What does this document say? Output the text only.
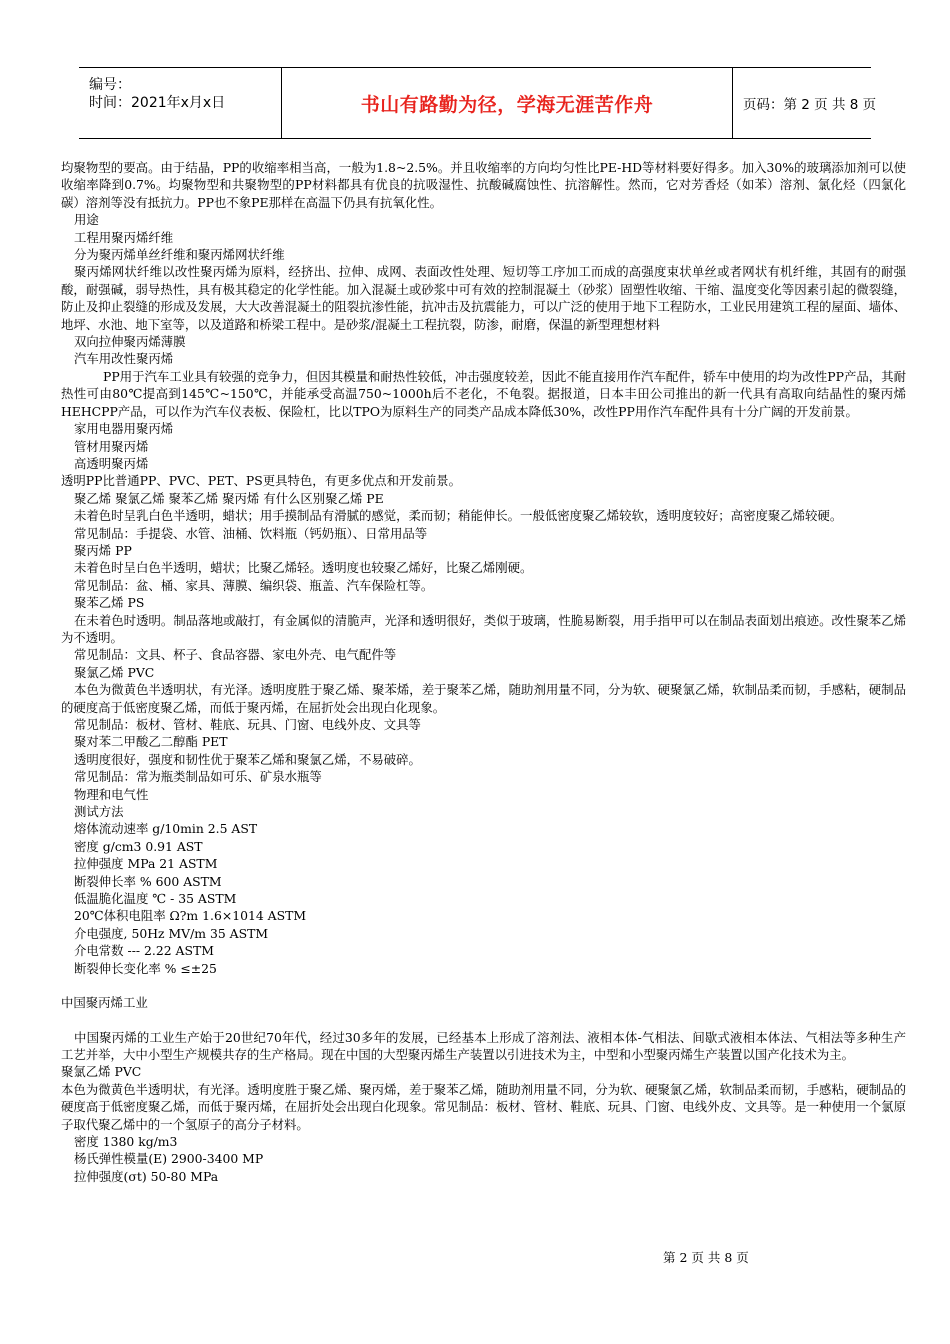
编号：
时间：2021年x月x日	书山有路勤为径，学海无涯苦作舟	页码：第 2 页 共 8 页

均聚物型的要高。由于结晶，PP的收缩率相当高，一般为1.8~2.5%。并且收缩率的方向均匀性比PE-HD等材料要好得多。加入30%的玻璃添加剂可以使收缩率降到0.7%。均聚物型和共聚物型的PP材料都具有优良的抗吸湿性、抗酸碱腐蚀性、抗溶解性。然而，它对芳香烃（如苯）溶剂、氯化烃（四氯化碳）溶剂等没有抵抗力。PP也不象PE那样在高温下仍具有抗氧化性。

用途

工程用聚丙烯纤维

分为聚丙烯单丝纤维和聚丙烯网状纤维

聚丙烯网状纤维以改性聚丙烯为原料，经挤出、拉伸、成网、表面改性处理、短切等工序加工而成的高强度束状单丝或者网状有机纤维，其固有的耐强酸，耐强碱，弱导热性，具有极其稳定的化学性能。加入混凝土或砂浆中可有效的控制混凝土（砂浆）固塑性收缩、干缩、温度变化等因素引起的微裂缝，防止及抑止裂缝的形成及发展，大大改善混凝土的阻裂抗渗性能，抗冲击及抗震能力，可以广泛的使用于地下工程防水，工业民用建筑工程的屋面、墙体、地坪、水池、地下室等，以及道路和桥梁工程中。是砂浆/混凝土工程抗裂，防渗，耐磨，保温的新型理想材料

双向拉伸聚丙烯薄膜

汽车用改性聚丙烯

PP用于汽车工业具有较强的竞争力，但因其模量和耐热性较低，冲击强度较差，因此不能直接用作汽车配件，轿车中使用的均为改性PP产品，其耐热性可由80℃提高到145℃~150℃，并能承受高温750~1000h后不老化，不龟裂。据报道，日本丰田公司推出的新一代具有高取向结晶性的聚丙烯HEHCPP产品，可以作为汽车仪表板、保险杠，比以TPO为原料生产的同类产品成本降低30%，改性PP用作汽车配件具有十分广阔的开发前景。

家用电器用聚丙烯

管材用聚丙烯

高透明聚丙烯

透明PP比普通PP、PVC、PET、PS更具特色，有更多优点和开发前景。

聚乙烯 聚氯乙烯 聚苯乙烯 聚丙烯 有什么区别聚乙烯 PE

未着色时呈乳白色半透明，蜡状；用手摸制品有滑腻的感觉，柔而韧；稍能伸长。一般低密度聚乙烯较软，透明度较好；高密度聚乙烯较硬。

常见制品：手提袋、水管、油桶、饮料瓶（钙奶瓶）、日常用品等

聚丙烯 PP

未着色时呈白色半透明，蜡状；比聚乙烯轻。透明度也较聚乙烯好，比聚乙烯刚硬。

常见制品：盆、桶、家具、薄膜、编织袋、瓶盖、汽车保险杠等。

聚苯乙烯 PS

在未着色时透明。制品落地或敲打，有金属似的清脆声，光泽和透明很好，类似于玻璃，性脆易断裂，用手指甲可以在制品表面划出痕迹。改性聚苯乙烯为不透明。

常见制品：文具、杯子、食品容器、家电外壳、电气配件等

聚氯乙烯 PVC

本色为微黄色半透明状，有光泽。透明度胜于聚乙烯、聚苯烯，差于聚苯乙烯，随助剂用量不同，分为软、硬聚氯乙烯，软制品柔而韧，手感粘，硬制品的硬度高于低密度聚乙烯，而低于聚丙烯，在屈折处会出现白化现象。

常见制品：板材、管材、鞋底、玩具、门窗、电线外皮、文具等

聚对苯二甲酸乙二醇酯 PET

透明度很好，强度和韧性优于聚苯乙烯和聚氯乙烯，不易破碎。

常见制品：常为瓶类制品如可乐、矿泉水瓶等

物理和电气性

测试方法

熔体流动速率 g/10min 2.5 AST

密度 g/cm3 0.91 AST

拉伸强度 MPa 21 ASTM

断裂伸长率 % 600 ASTM

低温脆化温度 ℃ - 35 ASTM

20℃体积电阻率 Ω?m 1.6×1014 ASTM

介电强度, 50Hz MV/m 35 ASTM

介电常数 --- 2.22 ASTM

断裂伸长变化率 % ≤±25

中国聚丙烯工业

中国聚丙烯的工业生产始于20世纪70年代，经过30多年的发展，已经基本上形成了溶剂法、液相本体-气相法、间歇式液相本体法、气相法等多种生产工艺并举，大中小型生产规模共存的生产格局。现在中国的大型聚丙烯生产装置以引进技术为主，中型和小型聚丙烯生产装置以国产化技术为主。

聚氯乙烯 PVC

本色为微黄色半透明状，有光泽。透明度胜于聚乙烯、聚丙烯，差于聚苯乙烯，随助剂用量不同，分为软、硬聚氯乙烯，软制品柔而韧，手感粘，硬制品的硬度高于低密度聚乙烯，而低于聚丙烯，在屈折处会出现白化现象。常见制品：板材、管材、鞋底、玩具、门窗、电线外皮、文具等。是一种使用一个氯原子取代聚乙烯中的一个氢原子的高分子材料。

密度 1380 kg/m3

杨氏弹性模量(E) 2900-3400 MP

拉伸强度(σt) 50-80 MPa

第 2 页 共 8 页
